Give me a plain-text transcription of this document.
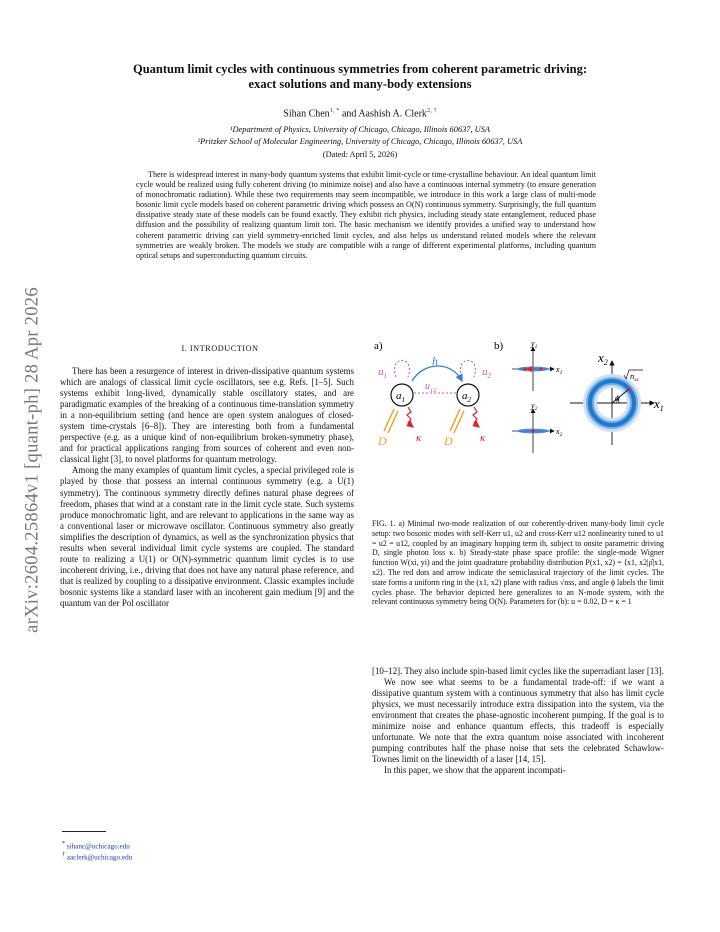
arXiv:2604.25864v1 [quant-ph] 28 Apr 2026
Quantum limit cycles with continuous symmetries from coherent parametric driving:
exact solutions and many-body extensions
Sihan Chen$^{1, *}$ and Aashish A. Clerk$^{2, \dagger}$
¹Department of Physics, University of Chicago, Chicago, Illinois 60637, USA
²Pritzker School of Molecular Engineering, University of Chicago, Chicago, Illinois 60637, USA
(Dated: April 5, 2026)
There is widespread interest in many-body quantum systems that exhibit limit-cycle or time-crystalline behaviour. An ideal quantum limit cycle would be realized using fully coherent driving (to minimize noise) and also have a continuous internal symmetry (to ensure generation of monochromatic radiation). While these two requirements may seem incompatible, we introduce in this work a large class of multi-mode bosonic limit cycle models based on coherent parametric driving which possess an O(N) continuous symmetry. Surprisingly, the full quantum dissipative steady state of these models can be found exactly. They exhibit rich physics, including steady state entanglement, reduced phase diffusion and the possibility of realizing quantum limit tori. The basic mechanism we identify provides a unified way to understand how coherent parametric driving can yield symmetry-enriched limit cycles, and also helps us understand related models where the relevant symmetries are weakly broken. The models we study are compatible with a range of different experimental platforms, including quantum optical setups and superconducting quantum circuits.
I. INTRODUCTION

There has been a resurgence of interest in driven-dissipative quantum systems which are analogs of classical limit cycle oscillators, see e.g. Refs. [1–5]. Such systems exhibit long-lived, dynamically stable oscillatory states, and are paradigmatic examples of the breaking of a continuous time-translation symmetry in a non-equilibrium setting (and hence are open system analogues of closed-system time-crystals [6–8]). They are interesting both from a fundamental perspective (e.g. as a unique kind of non-equilibrium broken-symmetry phase), and for practical applications ranging from sources of coherent and even non-classical light [3], to novel platforms for quantum metrology.

Among the many examples of quantum limit cycles, a special privileged role is played by those that possess an internal continuous symmetry (e.g. a U(1) symmetry). The continuous symmetry directly defines natural phase degrees of freedom, phases that wind at a constant rate in the limit cycle state. Such systems produce monochromatic light, and are relevant to applications in the same way as a conventional laser or microwave oscillator. Continuous symmetry also greatly simplifies the description of dynamics, as well as the synchronization physics that results when several individual limit cycle systems are coupled. The standard route to realizing a U(1) or O(N)-symmetric quantum limit cycles is to use incoherent driving, i.e., driving that does not have any natural phase reference, and that is realized by coupling to a dissipative environment. Classic examples include bosonic systems like a standard laser with an incoherent gain medium [9] and the quantum van der Pol oscillator

* sihanc@uchicago.edu
† aaclerk@uchicago.edu
a)	b)
$u_1$	$u_2$
h
$u_{12}$
$a_1$	$a_2$
D	D
κ	κ
$y_1$
$x_1$
$y_2$
$x_2$
$x_2$
$x_1$
$n_{ss}$
ϕ
FIG. 1. a) Minimal two-mode realization of our coherently-driven many-body limit cycle setup: two bosonic modes with self-Kerr u1, u2 and cross-Kerr u12 nonlinearity tuned to u1 = u2 = u12, coupled by an imaginary hopping term ih, subject to onsite parametric driving D, single photon loss κ. b) Steady-state phase space profile: the single-mode Wigner function W(xi, yi) and the joint quadrature probability distribution P(x1, x2) = ⟨x1, x2|ρ̂|x1, x2⟩. The red dots and arrow indicate the semiclassical trajectory of the limit cycles. The state forms a uniform ring in the (x1, x2) plane with radius √nss, and angle ϕ labels the limit cycles phase. The behavior depicted here generalizes to an N-mode system, with the relevant continuous symmetry being O(N). Parameters for (b): u = 0.02, D = κ = 1

[10–12]. They also include spin-based limit cycles like the superradiant laser [13].

We now see what seems to be a fundamental trade-off: if we want a dissipative quantum system with a continuous symmetry that also has limit cycle physics, we must necessarily introduce extra dissipation into the system, via the environment that creates the phase-agnostic incoherent pumping. If the goal is to minimize noise and enhance quantum effects, this tradeoff is especially unfortunate. We note that the extra quantum noise associated with incoherent pumping contributes half the phase noise that sets the celebrated Schawlow-Townes limit on the linewidth of a laser [14, 15].

In this paper, we show that the apparent incompati-
